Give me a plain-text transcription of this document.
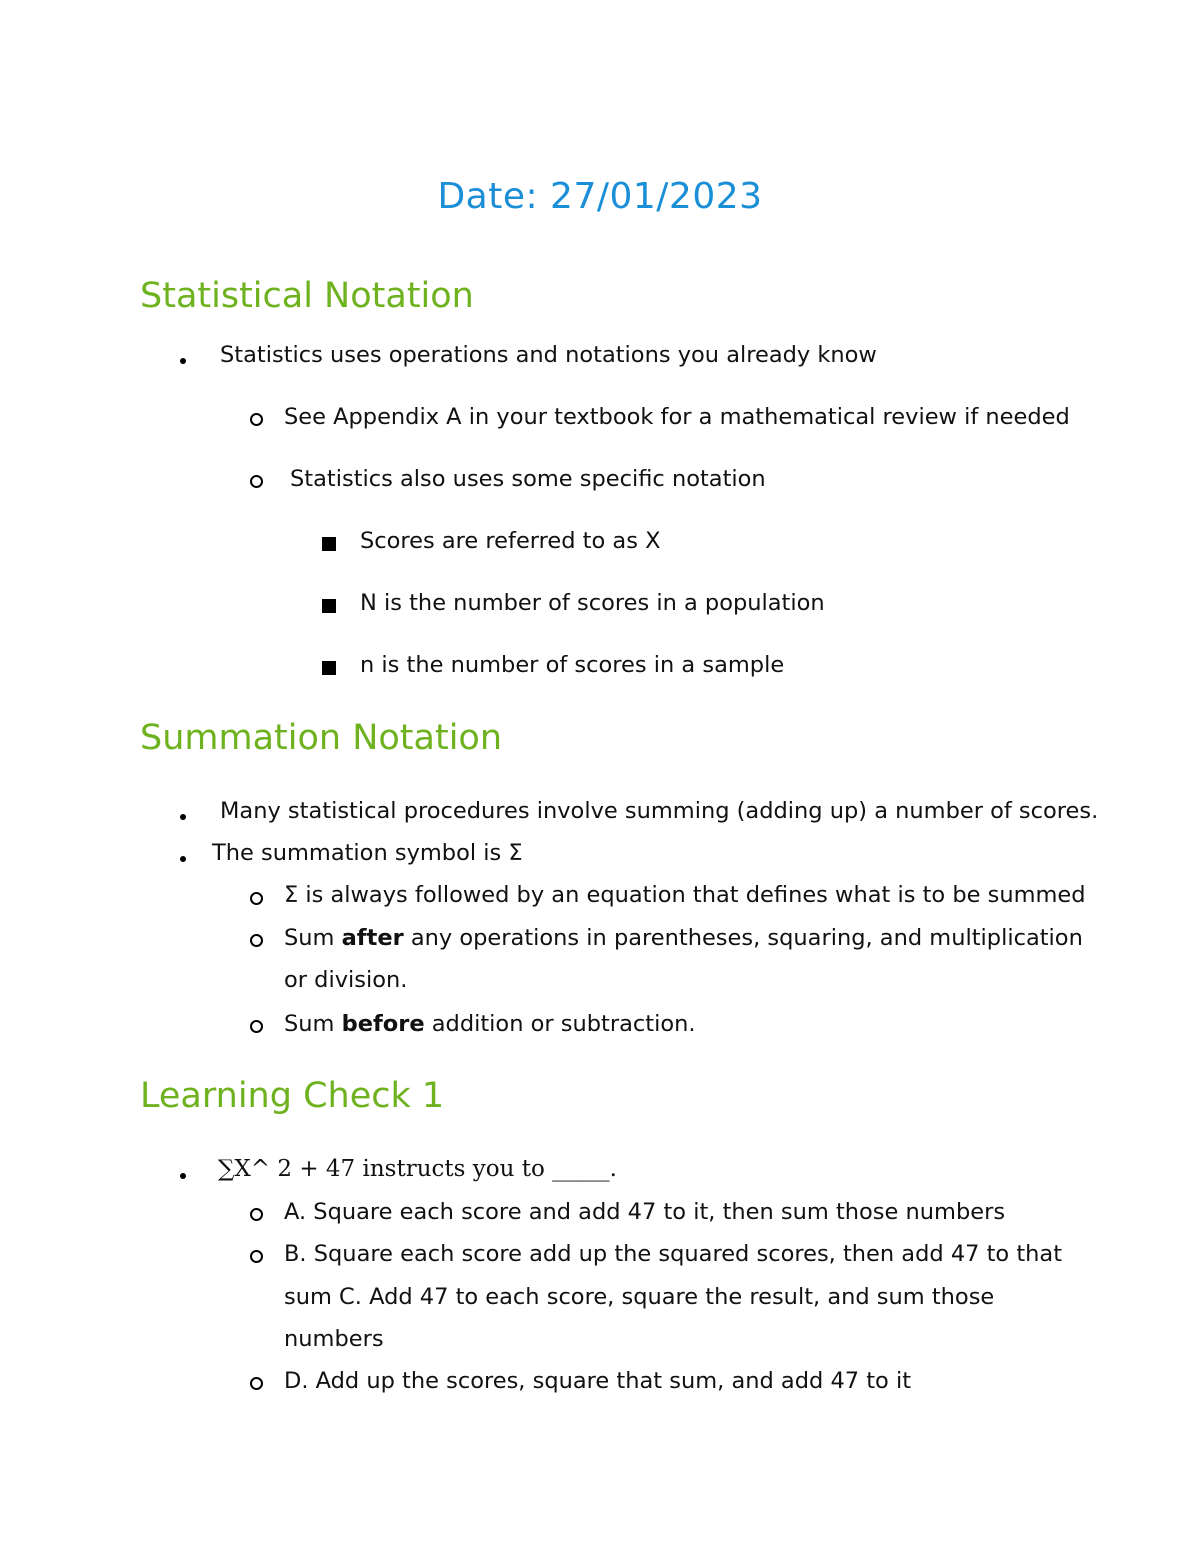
Date: 27/01/2023
Statistical Notation
Statistics uses operations and notations you already know
See Appendix A in your textbook for a mathematical review if needed
Statistics also uses some specific notation
Scores are referred to as X
N is the number of scores in a population
n is the number of scores in a sample
Summation Notation
Many statistical procedures involve summing (adding up) a number of scores.
The summation symbol is Σ
Σ is always followed by an equation that defines what is to be summed
Sum after any operations in parentheses, squaring, and multiplication
or division.
Sum before addition or subtraction.
Learning Check 1
∑X^ 2 + 47 instructs you to _____.
A. Square each score and add 47 to it, then sum those numbers
B. Square each score add up the squared scores, then add 47 to that
sum C. Add 47 to each score, square the result, and sum those
numbers
D. Add up the scores, square that sum, and add 47 to it
